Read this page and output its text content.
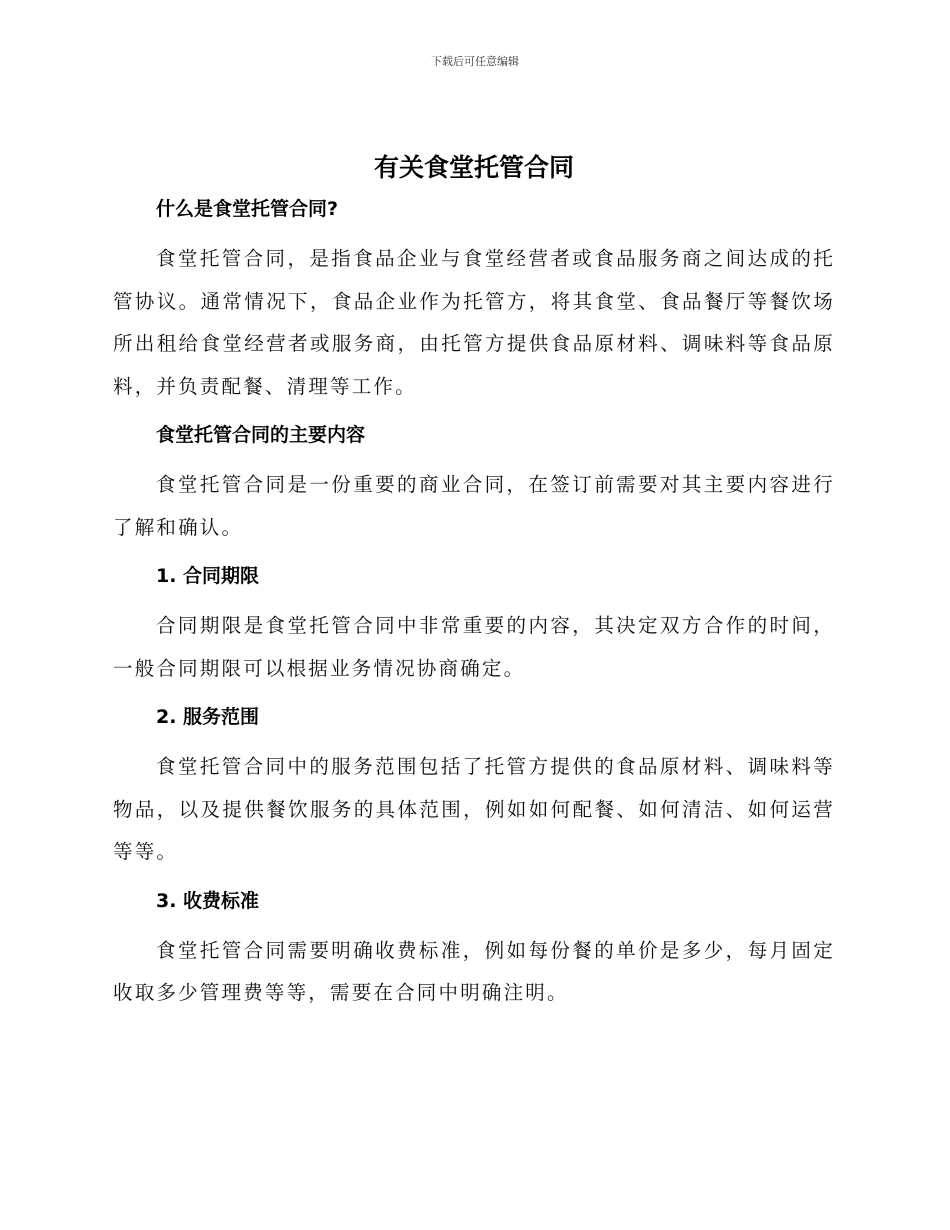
下载后可任意编辑
有关食堂托管合同
什么是食堂托管合同?

食堂托管合同，是指食品企业与食堂经营者或食品服务商之间达成的托管协议。通常情况下，食品企业作为托管方，将其食堂、食品餐厅等餐饮场所出租给食堂经营者或服务商，由托管方提供食品原材料、调味料等食品原料，并负责配餐、清理等工作。

食堂托管合同的主要内容

食堂托管合同是一份重要的商业合同，在签订前需要对其主要内容进行了解和确认。

1. 合同期限

合同期限是食堂托管合同中非常重要的内容，其决定双方合作的时间，一般合同期限可以根据业务情况协商确定。

2. 服务范围

食堂托管合同中的服务范围包括了托管方提供的食品原材料、调味料等物品，以及提供餐饮服务的具体范围，例如如何配餐、如何清洁、如何运营等等。

3. 收费标准

食堂托管合同需要明确收费标准，例如每份餐的单价是多少，每月固定收取多少管理费等等，需要在合同中明确注明。
